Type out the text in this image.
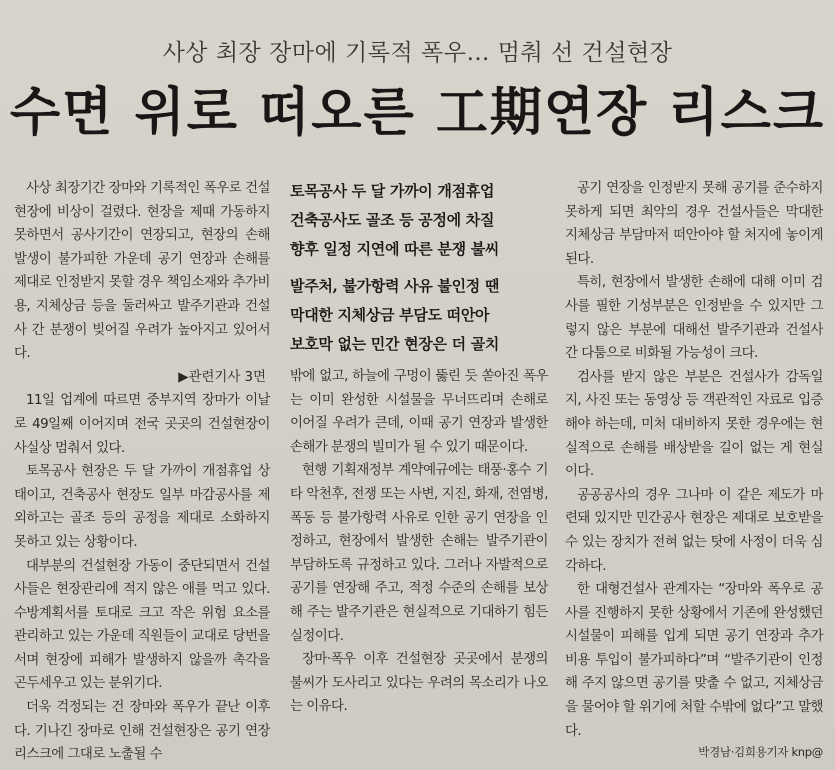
사상 최장 장마에 기록적 폭우… 멈춰 선 건설현장
수면 위로 떠오른 工期연장 리스크

사상 최장기간 장마와 기록적인 폭우로 건설현장에 비상이 걸렸다. 현장을 제때 가동하지 못하면서 공사기간이 연장되고, 현장의 손해 발생이 불가피한 가운데 공기 연장과 손해를 제대로 인정받지 못할 경우 책임소재와 추가비용, 지체상금 등을 둘러싸고 발주기관과 건설사 간 분쟁이 빚어질 우려가 높아지고 있어서다.

▶관련기사 3면

11일 업계에 따르면 중부지역 장마가 이날로 49일째 이어지며 전국 곳곳의 건설현장이 사실상 멈춰서 있다.

토목공사 현장은 두 달 가까이 개점휴업 상태이고, 건축공사 현장도 일부 마감공사를 제외하고는 골조 등의 공정을 제대로 소화하지 못하고 있는 상황이다.

대부분의 건설현장 가동이 중단되면서 건설사들은 현장관리에 적지 않은 애를 먹고 있다. 수방계획서를 토대로 크고 작은 위험 요소를 관리하고 있는 가운데 직원들이 교대로 당번을 서며 현장에 피해가 발생하지 않을까 촉각을 곤두세우고 있는 분위기다.

더욱 걱정되는 건 장마와 폭우가 끝난 이후다. 기나긴 장마로 인해 건설현장은 공기 연장 리스크에 그대로 노출될 수

토목공사 두 달 가까이 개점휴업
건축공사도 골조 등 공정에 차질
향후 일정 지연에 따른 분쟁 불씨
발주처, 불가항력 사유 불인정 땐
막대한 지체상금 부담도 떠안아
보호막 없는 민간 현장은 더 골치

밖에 없고, 하늘에 구멍이 뚫린 듯 쏟아진 폭우는 이미 완성한 시설물을 무너뜨리며 손해로 이어질 우려가 큰데, 이때 공기 연장과 발생한 손해가 분쟁의 빌미가 될 수 있기 때문이다.

현행 기획재정부 계약예규에는 태풍·홍수 기타 악천후, 전쟁 또는 사변, 지진, 화재, 전염병, 폭동 등 불가항력 사유로 인한 공기 연장을 인정하고, 현장에서 발생한 손해는 발주기관이 부담하도록 규정하고 있다. 그러나 자발적으로 공기를 연장해 주고, 적정 수준의 손해를 보상해 주는 발주기관은 현실적으로 기대하기 힘든 실정이다.

장마·폭우 이후 건설현장 곳곳에서 분쟁의 불씨가 도사리고 있다는 우려의 목소리가 나오는 이유다.

공기 연장을 인정받지 못해 공기를 준수하지 못하게 되면 최악의 경우 건설사들은 막대한 지체상금 부담마저 떠안아야 할 처지에 놓이게 된다.

특히, 현장에서 발생한 손해에 대해 이미 검사를 필한 기성부분은 인정받을 수 있지만 그렇지 않은 부분에 대해선 발주기관과 건설사 간 다툼으로 비화될 가능성이 크다.

검사를 받지 않은 부분은 건설사가 감독일지, 사진 또는 동영상 등 객관적인 자료로 입증해야 하는데, 미처 대비하지 못한 경우에는 현실적으로 손해를 배상받을 길이 없는 게 현실이다.

공공공사의 경우 그나마 이 같은 제도가 마련돼 있지만 민간공사 현장은 제대로 보호받을 수 있는 장치가 전혀 없는 탓에 사정이 더욱 심각하다.

한 대형건설사 관계자는 “장마와 폭우로 공사를 진행하지 못한 상황에서 기존에 완성했던 시설물이 피해를 입게 되면 공기 연장과 추가비용 투입이 불가피하다”며 “발주기관이 인정해 주지 않으면 공기를 맞출 수 없고, 지체상금을 물어야 할 위기에 처할 수밖에 없다”고 말했다.

박경남·김희용기자 knp@
